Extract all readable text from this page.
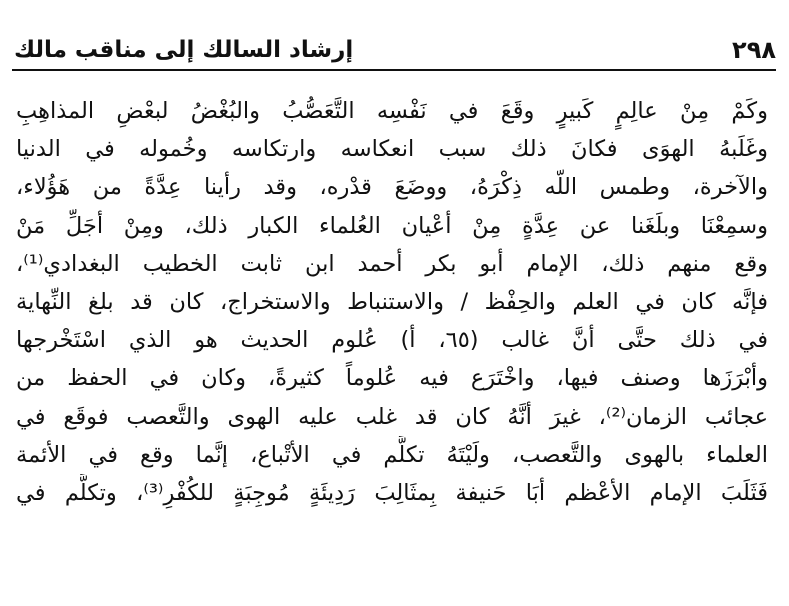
٢٩٨
إرشاد السالك إلى مناقب مالك
وكَمْ مِنْ عالِمٍ كَبيرٍ وقَعَ في نَفْسِه التَّعَصُّبُ والبُغْضُ لبعْضِ المذاهِبِ
وغَلَبهُ الهوَى فكانَ ذلك سبب انعكاسه وارتكاسه وخُموله في الدنيا
والآخرة، وطمس اللّه ذِكْرَهُ، ووضَعَ قدْره، وقد رأينا عِدَّةً من هَؤُلاء،
وسمِعْنَا وبلَغَنا عن عِدَّةٍ مِنْ أعْيان العُلماء الكبار ذلك، ومِنْ أجَلِّ مَنْ
وقع منهم ذلك، الإمام أبو بكر أحمد ابن ثابت الخطيب البغدادي⁽¹⁾،
فإنَّه كان في العلم والحِفْظ / والاستنباط والاستخراج، كان قد بلغ النِّهاية
في ذلك حتَّى أنَّ غالب (٦٥، أ) عُلوم الحديث هو الذي اسْتَخْرجها
وأبْرَزَها وصنف فيها، واخْتَرَع فيه عُلوماً كثيرةً، وكان في الحفظ من
عجائب الزمان⁽²⁾، غيرَ أنَّهُ كان قد غلب عليه الهوى والتَّعصب فوقَع في
العلماء بالهوى والتَّعصب، ولَيْتَهُ تكلَّم في الأتْباع، إنَّما وقع في الأئمة
فَثَلَبَ الإمام الأعْظم أبَا حَنيفة بِمثَالِبَ رَدِيئَةٍ مُوجِبَةٍ للكُفْرِ⁽³⁾، وتكلَّم في
